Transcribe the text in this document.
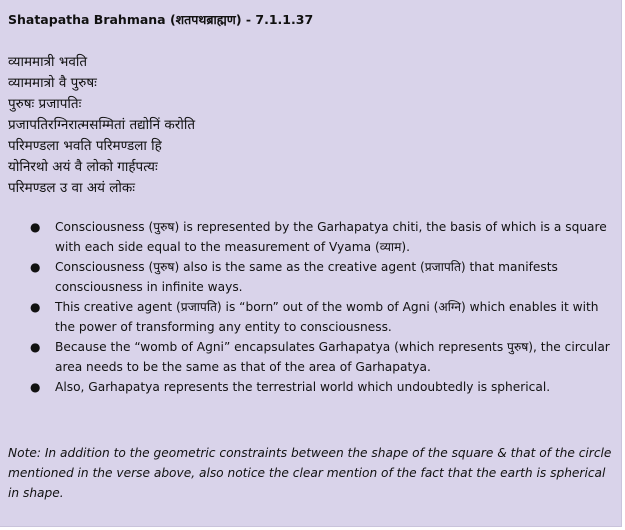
Shatapatha Brahmana (शतपथब्राह्मण) - 7.1.1.37
व्याममात्री भवति
व्याममात्रो वै पुरुषः
पुरुषः प्रजापतिः
प्रजापतिरग्निरात्मसम्मितां तद्योनिं करोति
परिमण्डला भवति परिमण्डला हि
योनिरथो अयं वै लोको गार्हपत्यः
परिमण्डल उ वा अयं लोकः
● Consciousness (पुरुष) is represented by the Garhapatya chiti, the basis of which is a square with each side equal to the measurement of Vyama (व्याम).
● Consciousness (पुरुष) also is the same as the creative agent (प्रजापति) that manifests consciousness in infinite ways.
● This creative agent (प्रजापति) is “born” out of the womb of Agni (अग्नि) which enables it with the power of transforming any entity to consciousness.
● Because the “womb of Agni” encapsulates Garhapatya (which represents पुरुष), the circular area needs to be the same as that of the area of Garhapatya.
● Also, Garhapatya represents the terrestrial world which undoubtedly is spherical.
Note: In addition to the geometric constraints between the shape of the square & that of the circle mentioned in the verse above, also notice the clear mention of the fact that the earth is spherical in shape.
